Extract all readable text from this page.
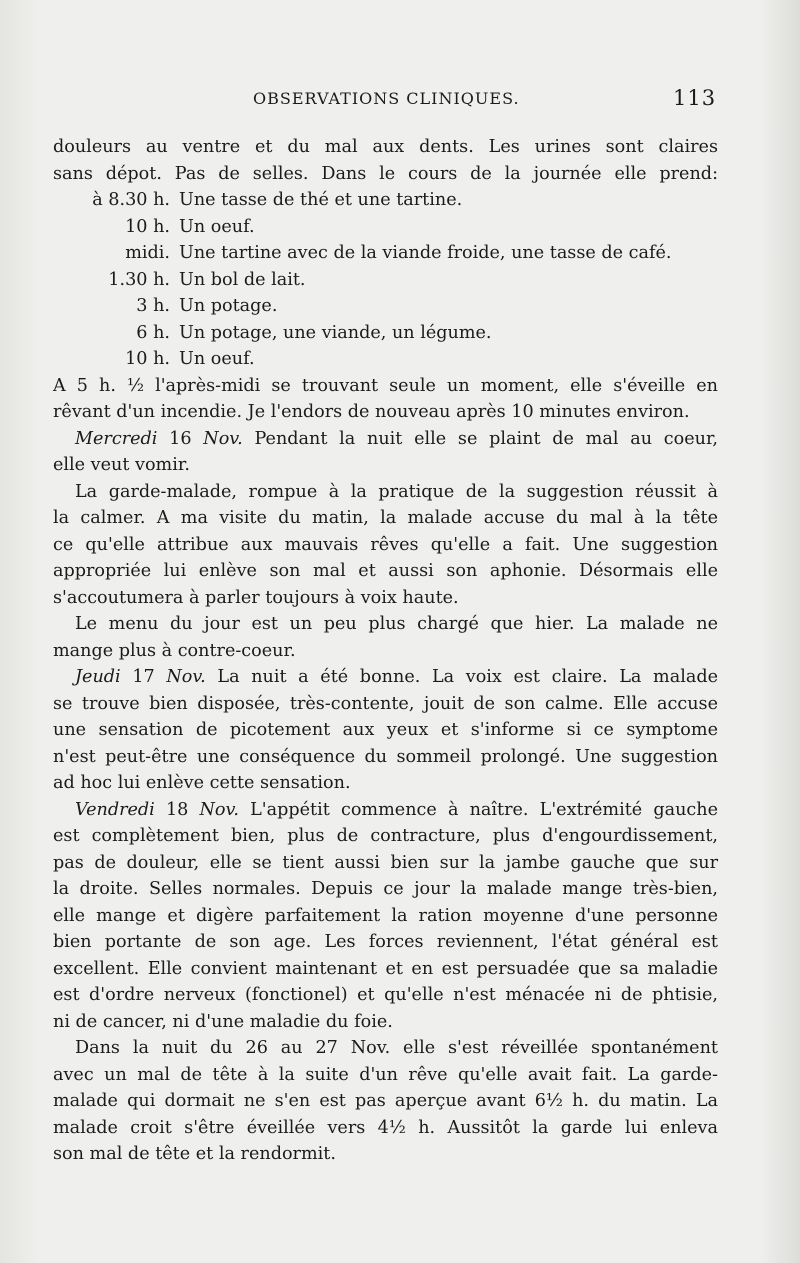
OBSERVATIONS CLINIQUES.	113
douleurs au ventre et du mal aux dents. Les urines sont claires
sans dépot. Pas de selles. Dans le cours de la journée elle prend:
à 8.30 h. Une tasse de thé et une tartine.
10 h. Un oeuf.
midi. Une tartine avec de la viande froide, une tasse de café.
1.30 h. Un bol de lait.
3 h. Un potage.
6 h. Un potage, une viande, un légume.
10 h. Un oeuf.
A 5 h. ½ l'après-midi se trouvant seule un moment, elle s'éveille en
rêvant d'un incendie. Je l'endors de nouveau après 10 minutes environ.
Mercredi 16 Nov. Pendant la nuit elle se plaint de mal au coeur,
elle veut vomir.
La garde-malade, rompue à la pratique de la suggestion réussit à
la calmer. A ma visite du matin, la malade accuse du mal à la tête
ce qu'elle attribue aux mauvais rêves qu'elle a fait. Une suggestion
appropriée lui enlève son mal et aussi son aphonie. Désormais elle
s'accoutumera à parler toujours à voix haute.
Le menu du jour est un peu plus chargé que hier. La malade ne
mange plus à contre-coeur.
Jeudi 17 Nov. La nuit a été bonne. La voix est claire. La malade
se trouve bien disposée, très-contente, jouit de son calme. Elle accuse
une sensation de picotement aux yeux et s'informe si ce symptome
n'est peut-être une conséquence du sommeil prolongé. Une suggestion
ad hoc lui enlève cette sensation.
Vendredi 18 Nov. L'appétit commence à naître. L'extrémité gauche
est complètement bien, plus de contracture, plus d'engourdissement,
pas de douleur, elle se tient aussi bien sur la jambe gauche que sur
la droite. Selles normales. Depuis ce jour la malade mange très-bien,
elle mange et digère parfaitement la ration moyenne d'une personne
bien portante de son age. Les forces reviennent, l'état général est
excellent. Elle convient maintenant et en est persuadée que sa maladie
est d'ordre nerveux (fonctionel) et qu'elle n'est ménacée ni de phtisie,
ni de cancer, ni d'une maladie du foie.
Dans la nuit du 26 au 27 Nov. elle s'est réveillée spontanément
avec un mal de tête à la suite d'un rêve qu'elle avait fait. La garde-
malade qui dormait ne s'en est pas aperçue avant 6½ h. du matin. La
malade croit s'être éveillée vers 4½ h. Aussitôt la garde lui enleva
son mal de tête et la rendormit.
